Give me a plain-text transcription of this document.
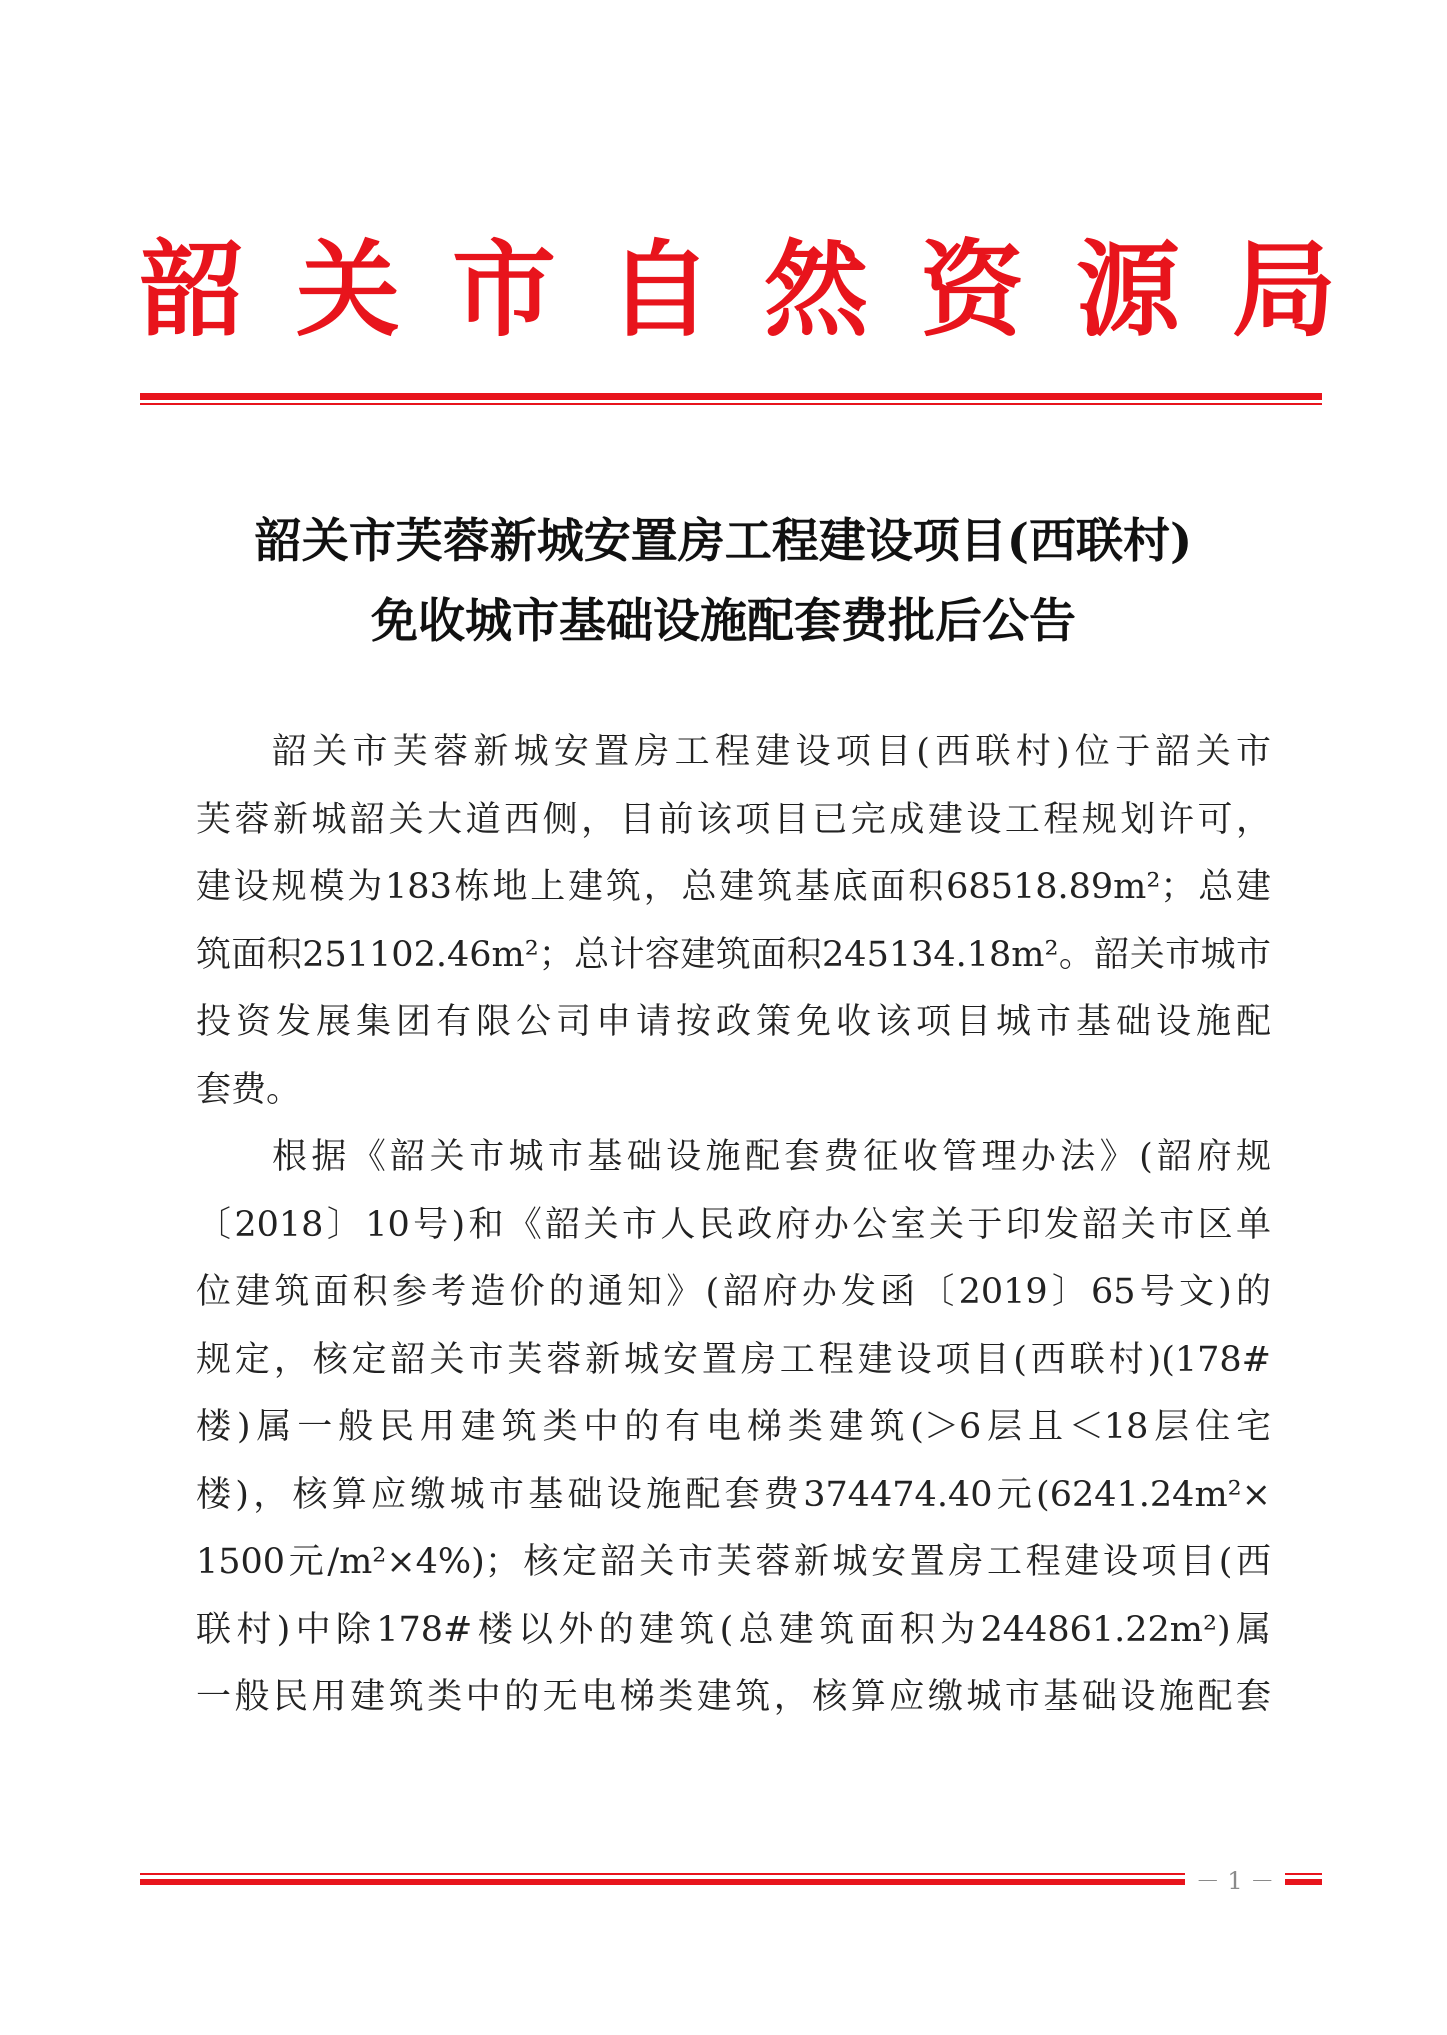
韶关市自然资源局
韶关市芙蓉新城安置房工程建设项目(西联村)
免收城市基础设施配套费批后公告
韶关市芙蓉新城安置房工程建设项目(西联村)位于韶关市
芙蓉新城韶关大道西侧，目前该项目已完成建设工程规划许可，
建设规模为183栋地上建筑，总建筑基底面积68518.89m²；总建
筑面积251102.46m²；总计容建筑面积245134.18m²。韶关市城市
投资发展集团有限公司申请按政策免收该项目城市基础设施配
套费。
根据《韶关市城市基础设施配套费征收管理办法》(韶府规
〔2018〕10号)和《韶关市人民政府办公室关于印发韶关市区单
位建筑面积参考造价的通知》(韶府办发函〔2019〕65号文)的
规定，核定韶关市芙蓉新城安置房工程建设项目(西联村)(178#
楼)属一般民用建筑类中的有电梯类建筑(＞6层且＜18层住宅
楼)，核算应缴城市基础设施配套费374474.40元(6241.24m²×
1500元/m²×4%)；核定韶关市芙蓉新城安置房工程建设项目(西
联村)中除178#楼以外的建筑(总建筑面积为244861.22m²)属
一般民用建筑类中的无电梯类建筑，核算应缴城市基础设施配套
－ 1 －
